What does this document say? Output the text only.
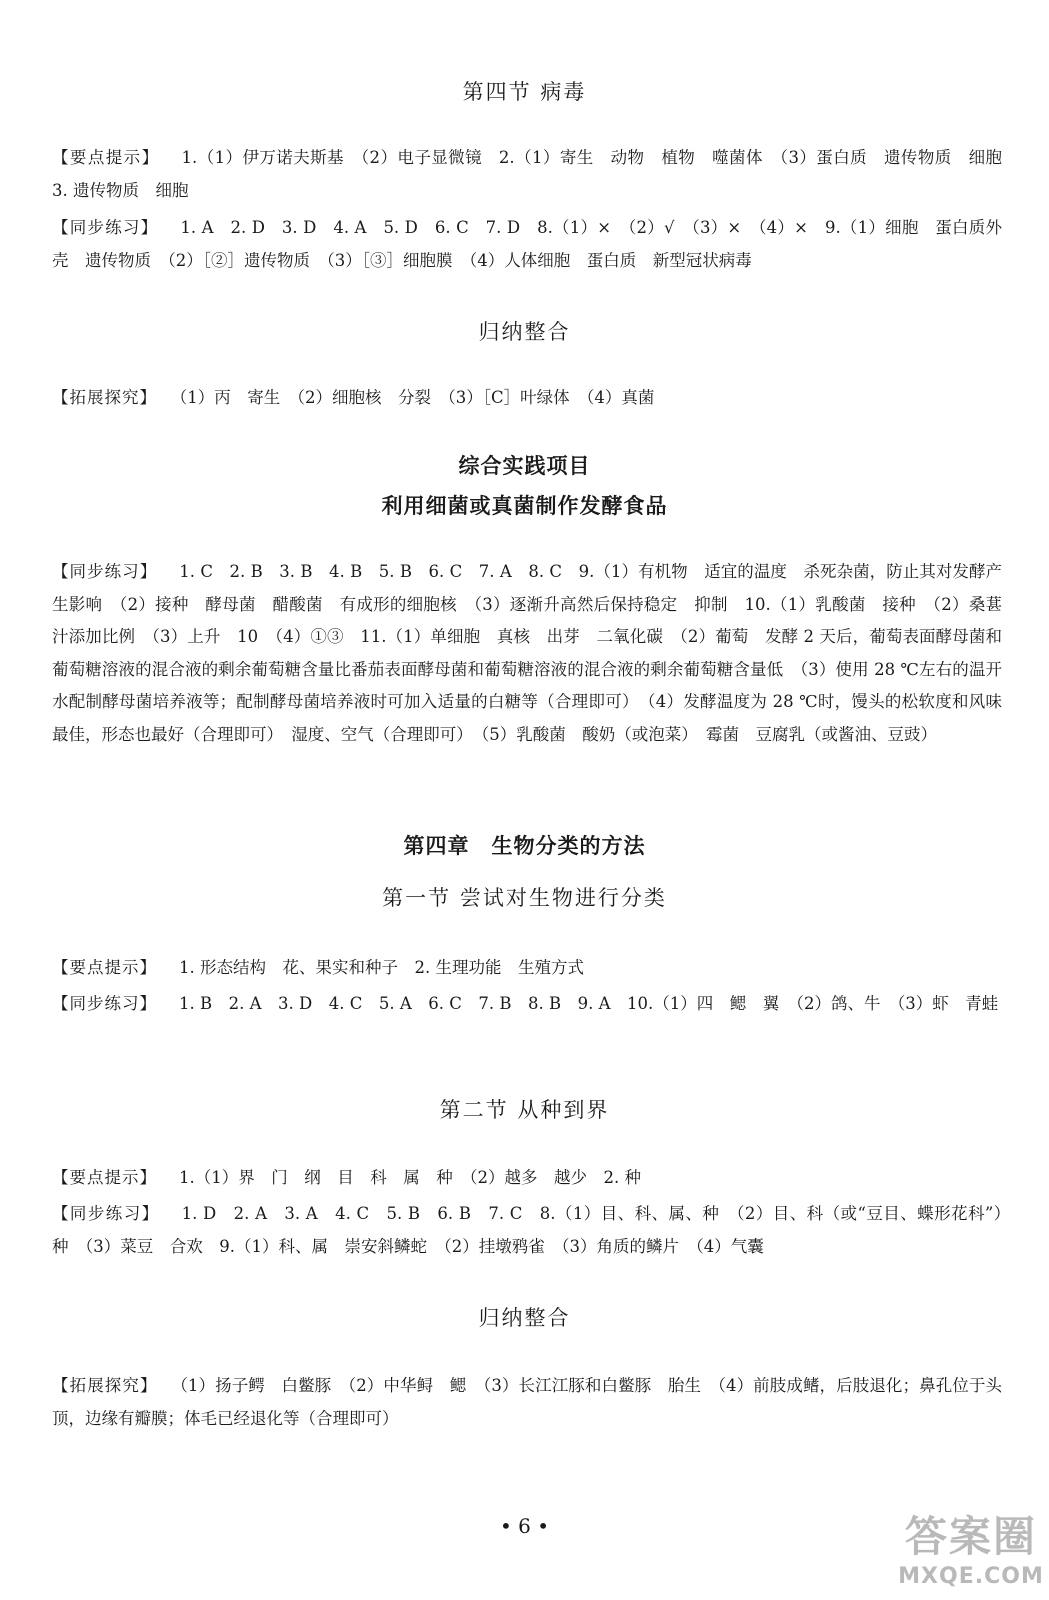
第四节 病毒

【要点提示】 1.（1）伊万诺夫斯基　（2）电子显微镜　2.（1）寄生　动物　植物　噬菌体　（3）蛋白质　遗传物质　细胞　3. 遗传物质　细胞

【同步练习】 1. A　2. D　3. D　4. A　5. D　6. C　7. D　8.（1）×　（2）√　（3）×　（4）×　9.（1）细胞　蛋白质外壳　遗传物质　（2）［②］遗传物质　（3）［③］细胞膜　（4）人体细胞　蛋白质　新型冠状病毒

归纳整合

【拓展探究】 （1）丙　寄生　（2）细胞核　分裂　（3）［C］叶绿体　（4）真菌

综合实践项目
利用细菌或真菌制作发酵食品

【同步练习】 1. C　2. B　3. B　4. B　5. B　6. C　7. A　8. C　9.（1）有机物　适宜的温度　杀死杂菌，防止其对发酵产生影响　（2）接种　酵母菌　醋酸菌　有成形的细胞核　（3）逐渐升高然后保持稳定　抑制　10.（1）乳酸菌　接种　（2）桑葚汁添加比例　（3）上升　10　（4）①③　11.（1）单细胞　真核　出芽　二氧化碳　（2）葡萄　发酵 2 天后，葡萄表面酵母菌和葡萄糖溶液的混合液的剩余葡萄糖含量比番茄表面酵母菌和葡萄糖溶液的混合液的剩余葡萄糖含量低　（3）使用 28 ℃左右的温开水配制酵母菌培养液等；配制酵母菌培养液时可加入适量的白糖等（合理即可）　（4）发酵温度为 28 ℃时，馒头的松软度和风味最佳，形态也最好（合理即可）　湿度、空气（合理即可）　（5）乳酸菌　酸奶（或泡菜）　霉菌　豆腐乳（或酱油、豆豉）

第四章　生物分类的方法
第一节 尝试对生物进行分类

【要点提示】 1. 形态结构　花、果实和种子　2. 生理功能　生殖方式

【同步练习】 1. B　2. A　3. D　4. C　5. A　6. C　7. B　8. B　9. A　10.（1）四　鳃　翼　（2）鸽、牛　（3）虾　青蛙

第二节 从种到界

【要点提示】 1.（1）界　门　纲　目　科　属　种　（2）越多　越少　2. 种

【同步练习】 1. D　2. A　3. A　4. C　5. B　6. B　7. C　8.（1）目、科、属、种　（2）目、科（或“豆目、蝶形花科”）　种　（3）菜豆　合欢　9.（1）科、属　崇安斜鳞蛇　（2）挂墩鸦雀　（3）角质的鳞片　（4）气囊

归纳整合

【拓展探究】 （1）扬子鳄　白鳖豚　（2）中华鲟　鳃　（3）长江江豚和白鳖豚　胎生　（4）前肢成鳍，后肢退化；鼻孔位于头顶，边缘有瓣膜；体毛已经退化等（合理即可）

• 6 •	答案圈
MXQE.COM
